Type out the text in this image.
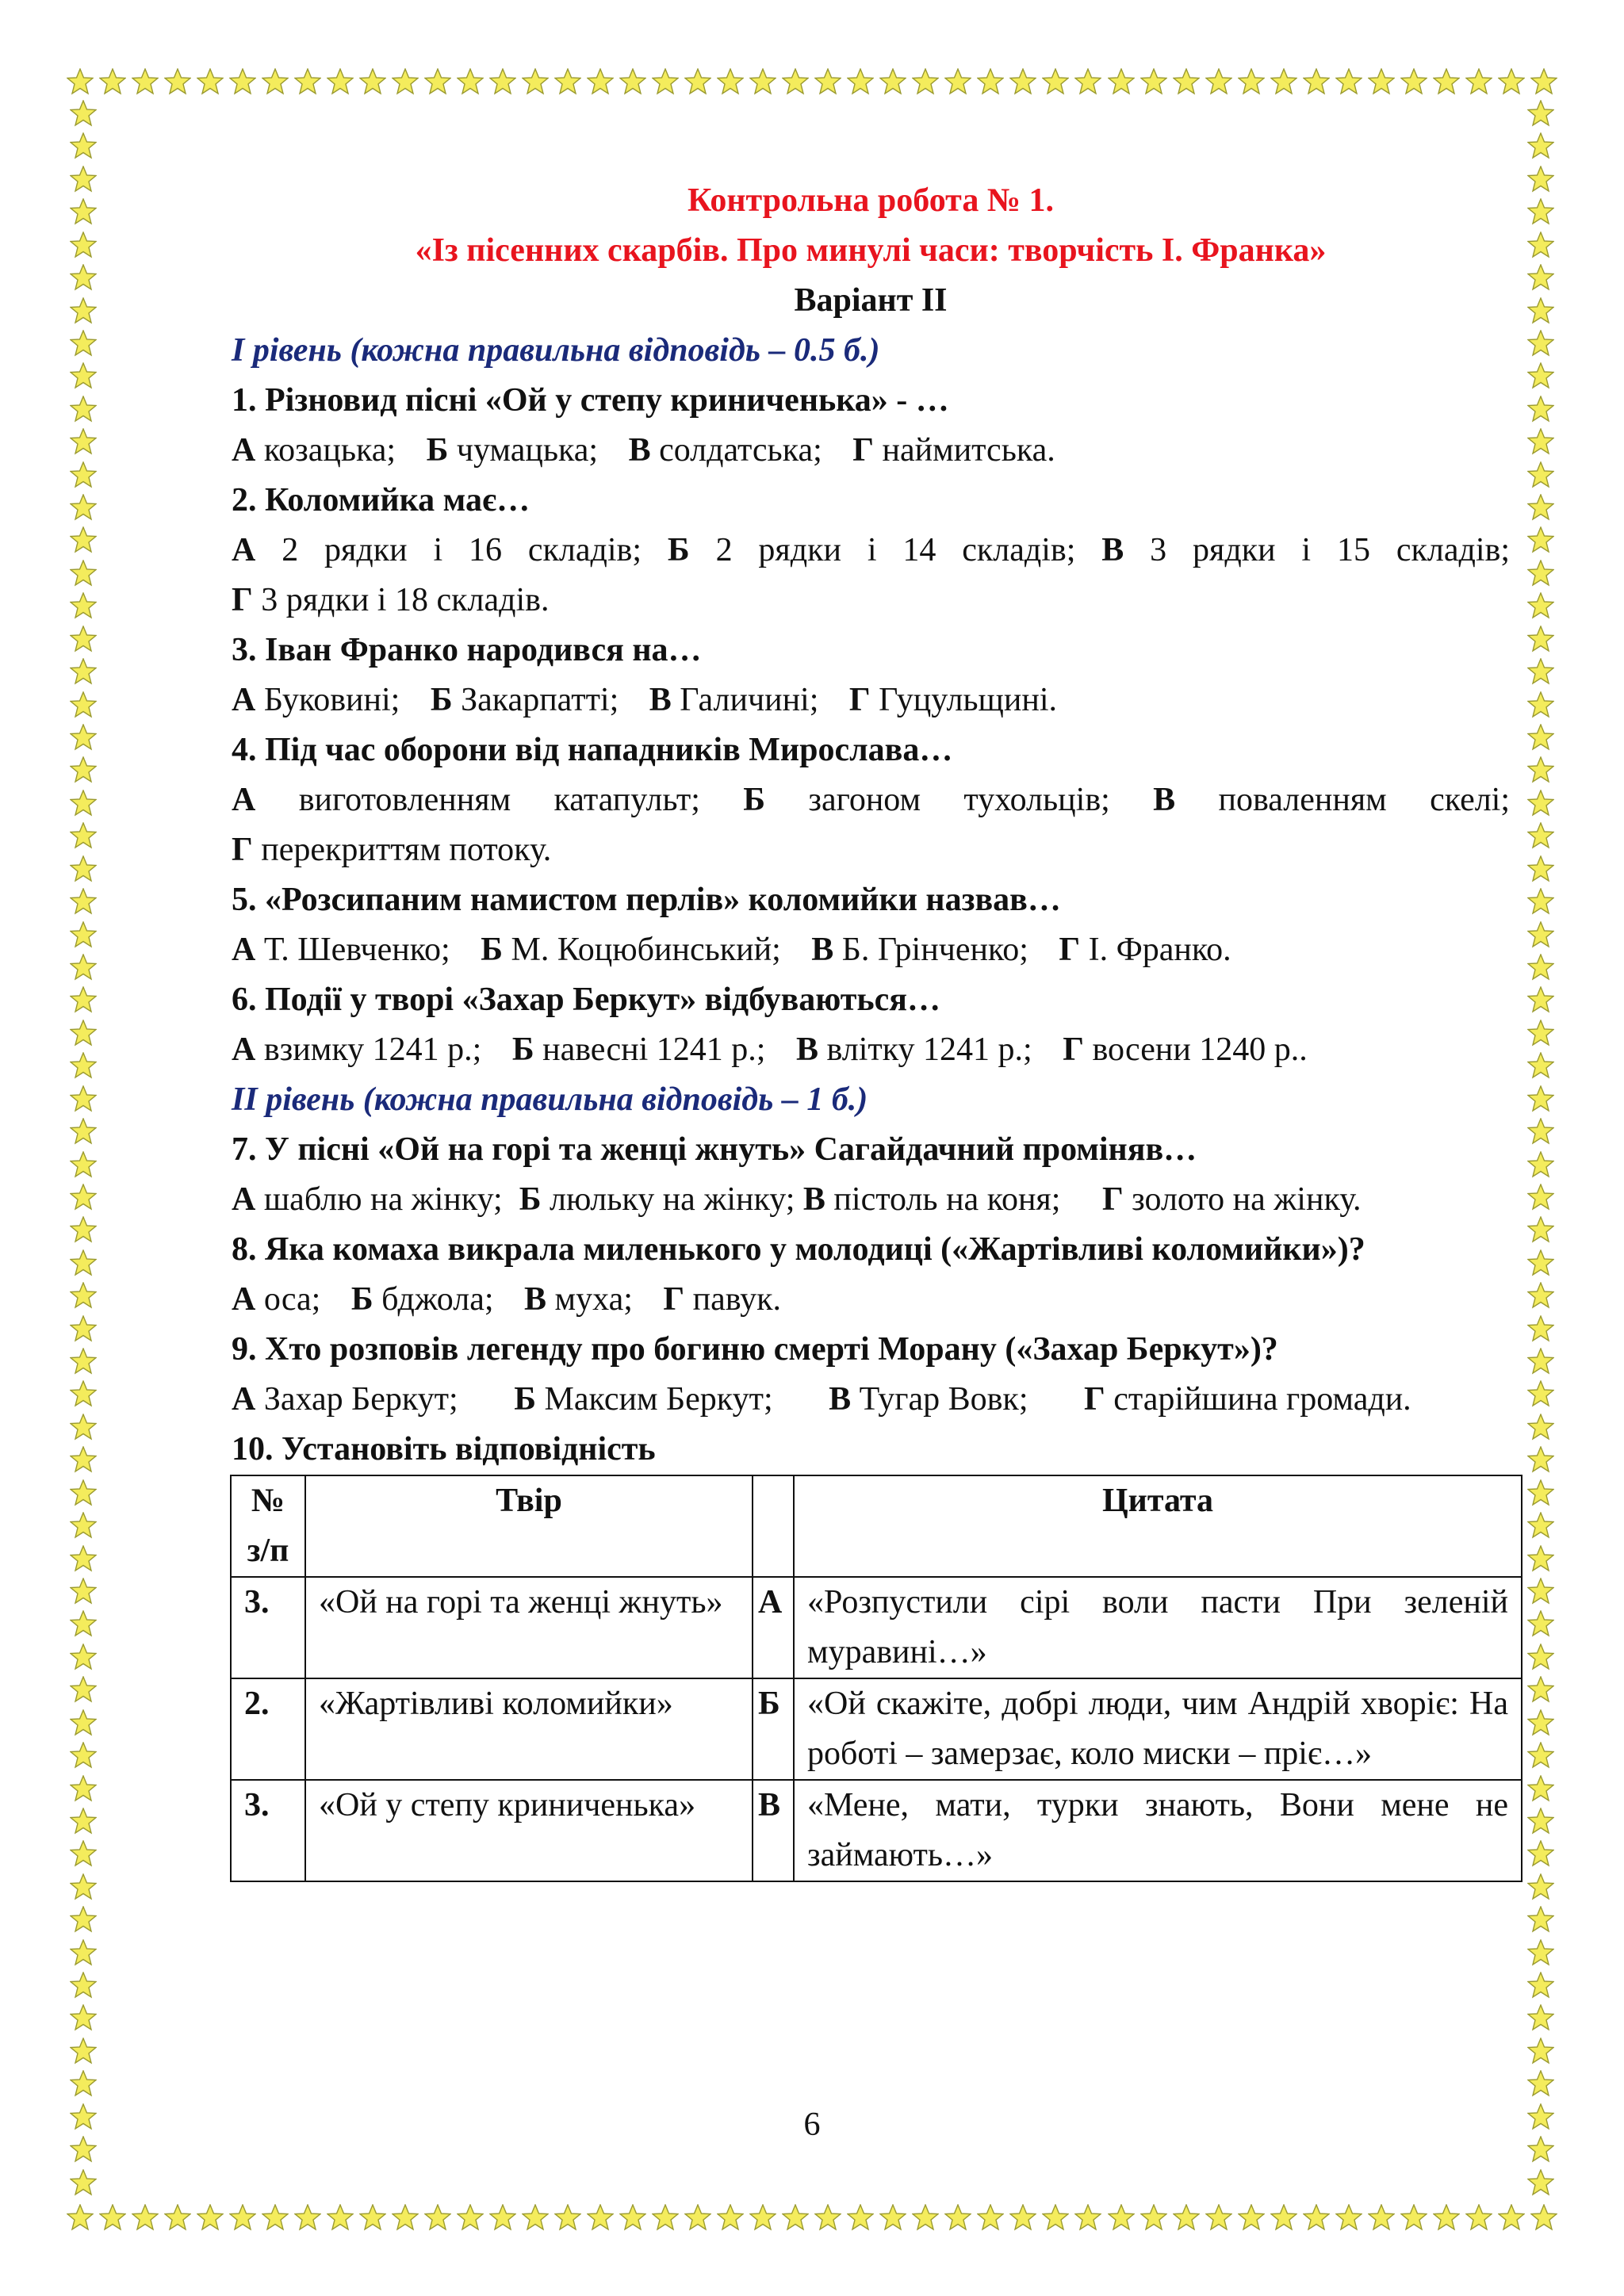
Контрольна робота № 1.
«Із пісенних скарбів. Про минулі часи: творчість І. Франка»
Варіант ІІ
І рівень (кожна правильна відповідь – 0.5 б.)
1. Різновид пісні «Ой у степу криниченька» - …
А козацька; Б чумацька; В солдатська; Г наймитська.
2. Коломийка має…
А 2 рядки і 16 складів; Б 2 рядки і 14 складів; В 3 рядки і 15 складів;
Г 3 рядки і 18 складів.
3. Іван Франко народився на…
А Буковині; Б Закарпатті; В Галичині; Г Гуцульщині.
4. Під час оборони від нападників Мирослава…
А виготовленням катапульт; Б загоном тухольців; В поваленням скелі;
Г перекриттям потоку.
5. «Розсипаним намистом перлів» коломийки назвав…
А Т. Шевченко; Б М. Коцюбинський; В Б. Грінченко; Г І. Франко.
6. Події у творі «Захар Беркут» відбуваються…
А взимку 1241 р.; Б навесні 1241 р.; В влітку 1241 р.; Г восени 1240 р..
ІІ рівень (кожна правильна відповідь – 1 б.)
7. У пісні «Ой на горі та женці жнуть» Сагайдачний проміняв…
А шаблю на жінку; Б люльку на жінку; В пістоль на коня; Г золото на жінку.
8. Яка комаха викрала миленького у молодиці («Жартівливі коломийки»)?
А оса; Б бджола; В муха; Г павук.
9. Хто розповів легенду про богиню смерті Морану («Захар Беркут»)?
А Захар Беркут; Б Максим Беркут; В Тугар Вовк; Г старійшина громади.
10. Установіть відповідність
№ з/п	Твір		Цитата
3.	«Ой на горі та женці жнуть»	А	«Розпустили сірі воли пасти При зеленій муравині…»
2.	«Жартівливі коломийки»	Б	«Ой скажіте, добрі люди, чим Андрій хворіє: На роботі – замерзає, коло миски – пріє…»
3.	«Ой у степу криниченька»	В	«Мене, мати, турки знають, Вони мене не займають…»
6
